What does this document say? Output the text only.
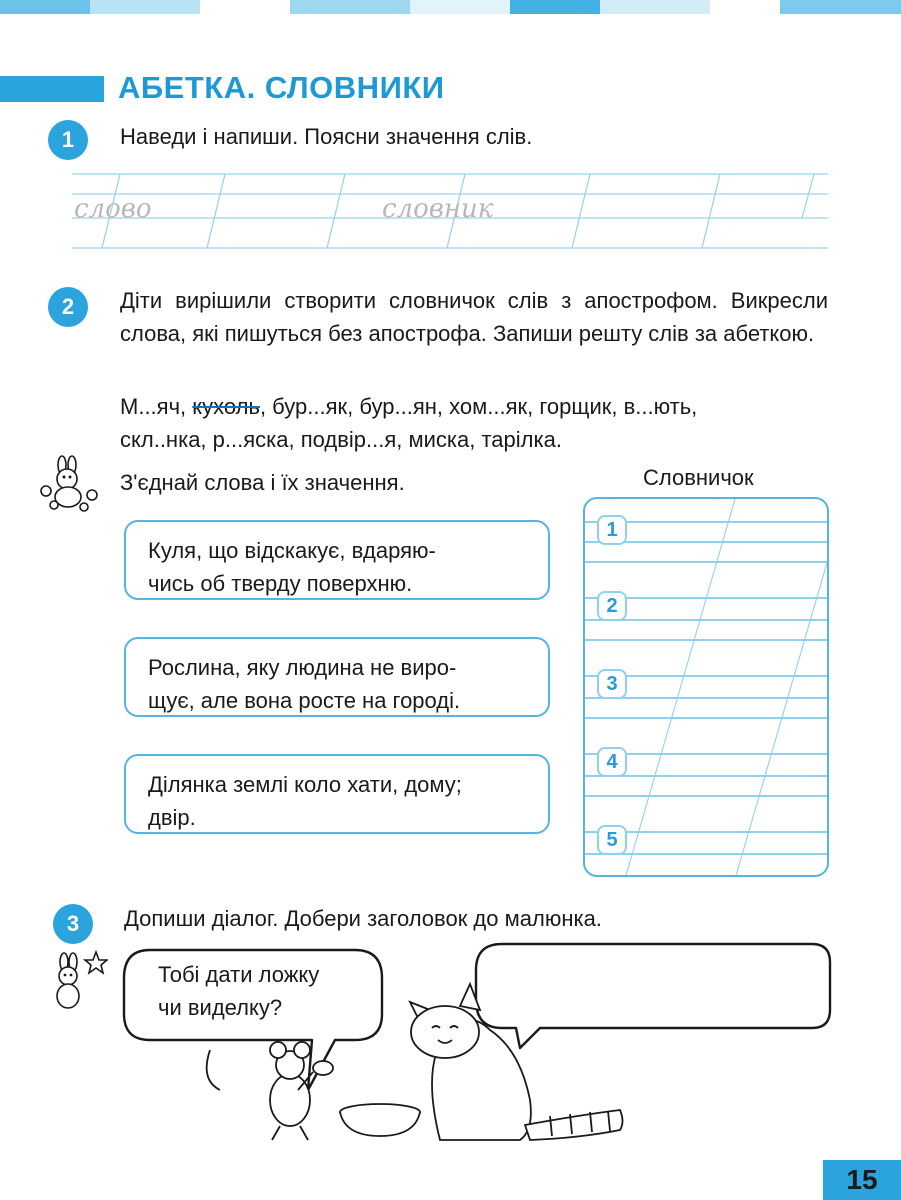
АБЕТКА. СЛОВНИКИ
1	Наведи і напиши. Поясни значення слів.
слово	словник
2	Діти вирішили створити словничок слів з апострофом. Викресли слова, які пишуться без апострофа. Запиши решту слів за абеткою.
М...яч, кухоль, бур...як, бур...ян, хом...як, горщик, в...ють,
скл..нка, р...яска, подвір...я, миска, тарілка.
З'єднай слова і їх значення.	Словничок
Куля, що відскакує, вдаряю-
чись об тверду поверхню.
Рослина, яку людина не виро-
щує, але вона росте на городі.
Ділянка землі коло хати, дому;
двір.
1
2
3
4
5
3	Допиши діалог. Добери заголовок до малюнка.
Тобі дати ложку
чи виделку?
15
